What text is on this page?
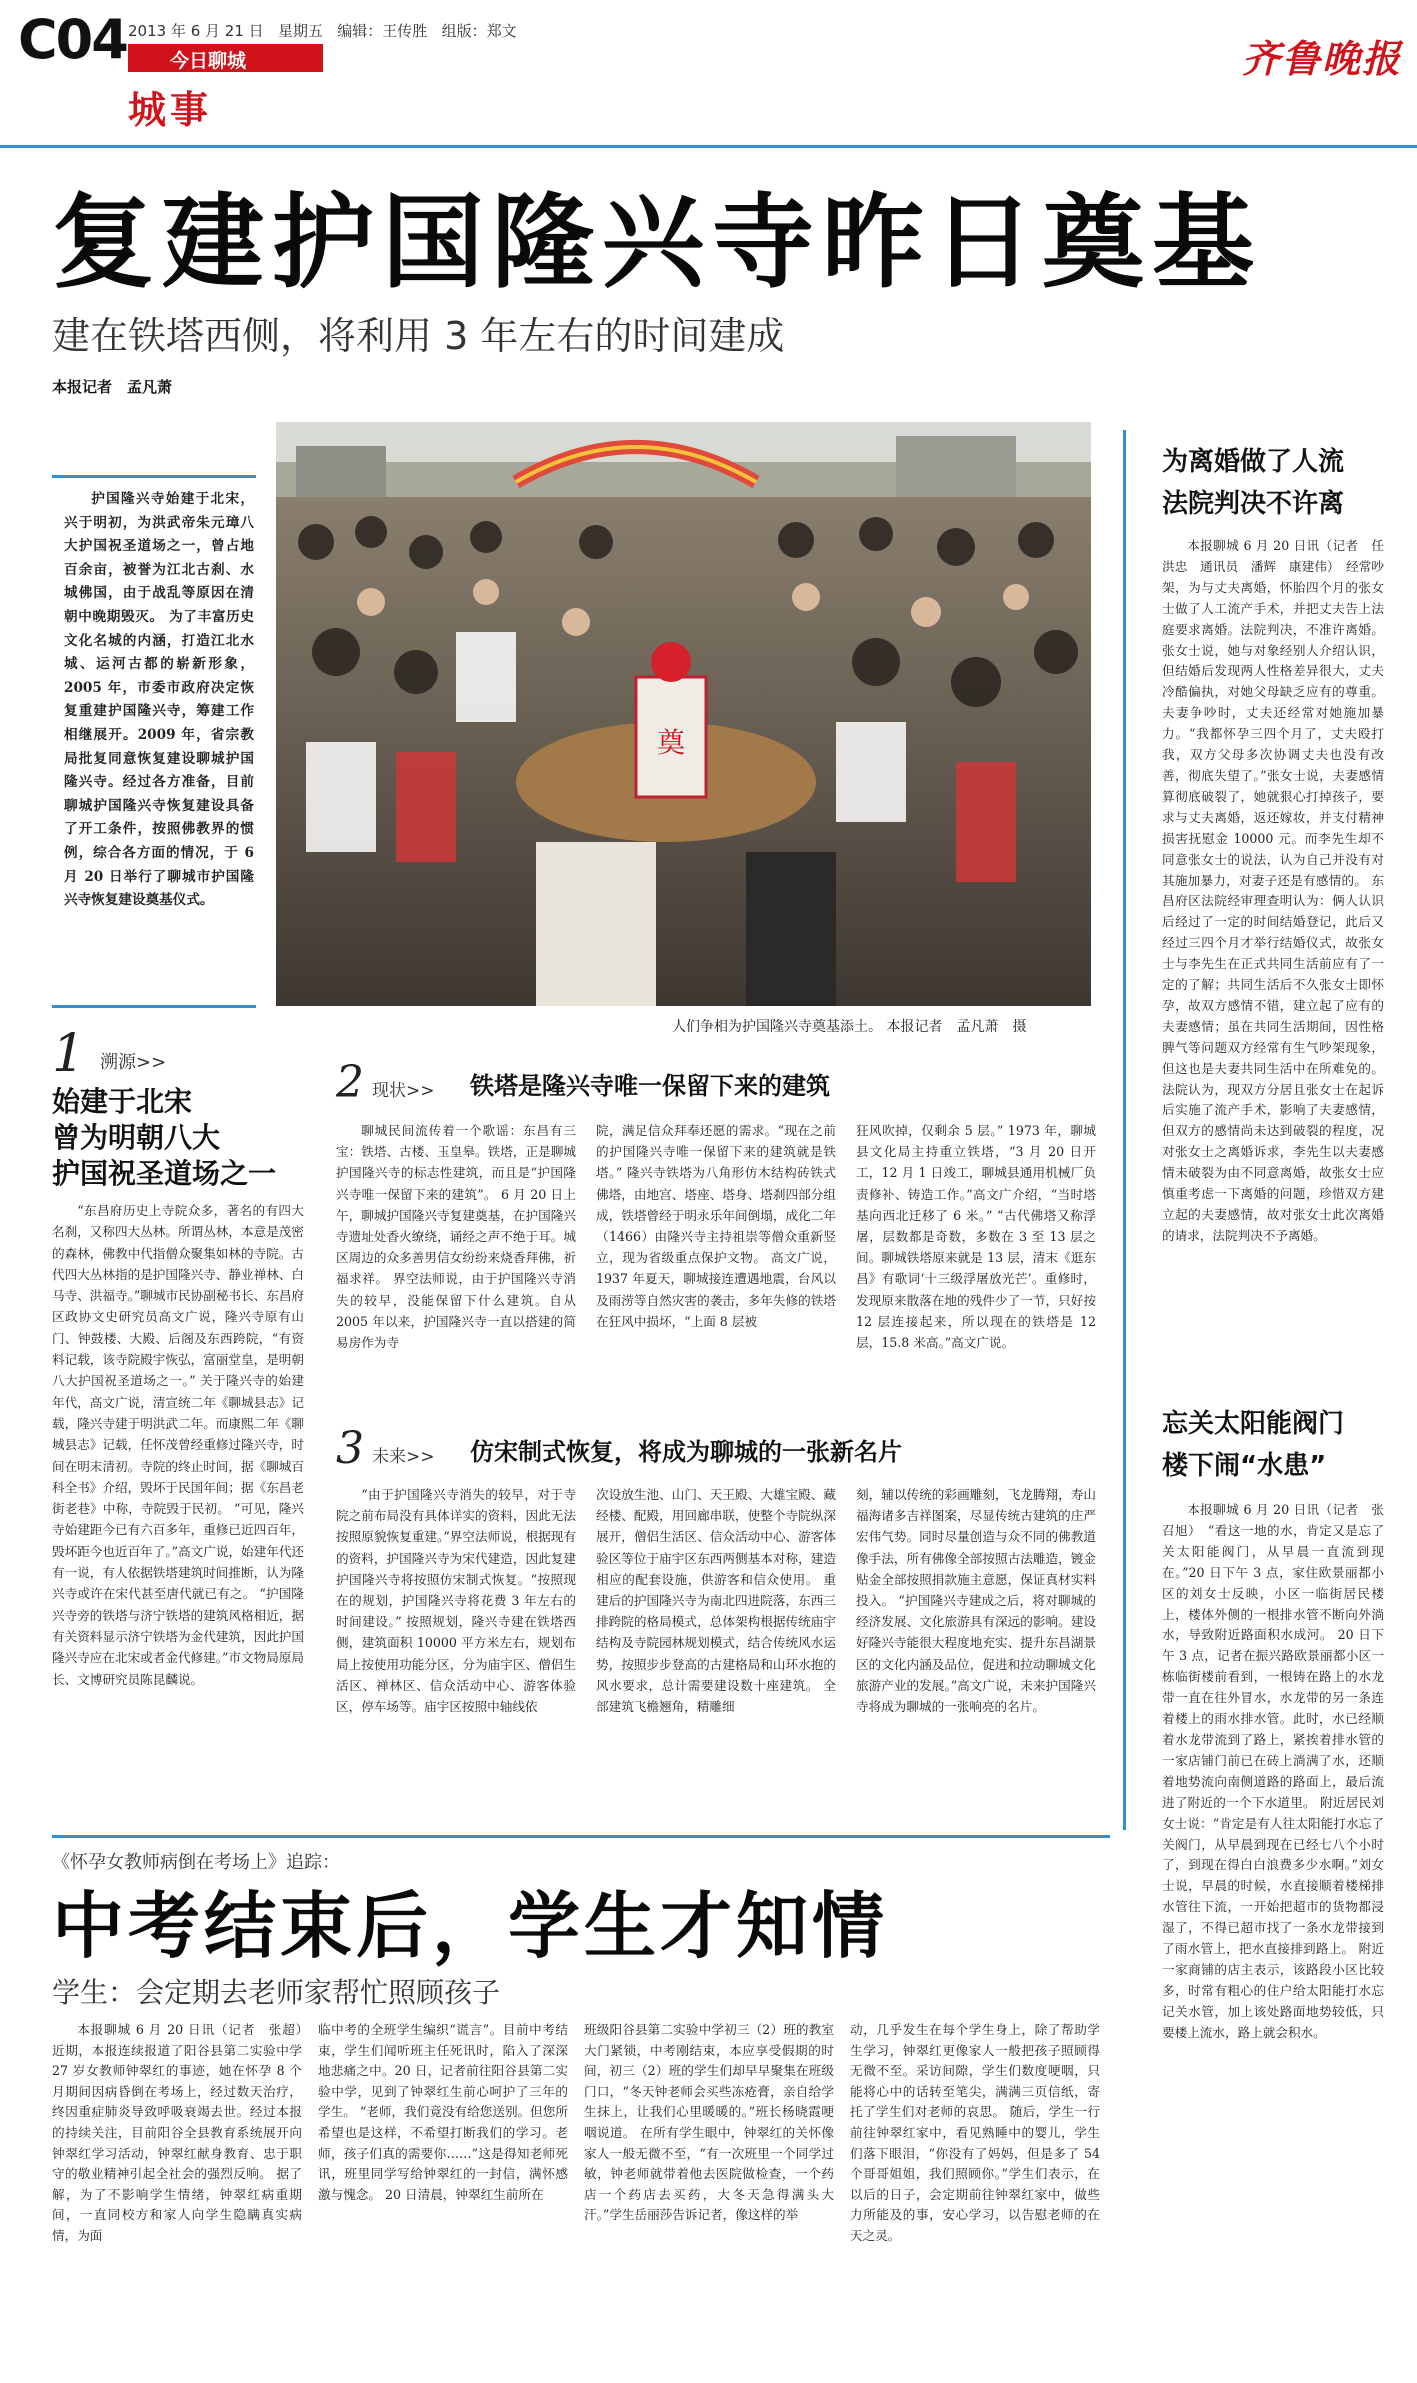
C04 2013 年 6 月 21 日 星期五 编辑：王传胜 组版：郑文
今日聊城
城事
齐鲁晚报
复建护国隆兴寺昨日奠基
建在铁塔西侧，将利用 3 年左右的时间建成
本报记者　孟凡萧
奠
人们争相为护国隆兴寺奠基添土。 本报记者　孟凡萧　摄
护国隆兴寺始建于北宋，兴于明初，为洪武帝朱元璋八大护国祝圣道场之一，曾占地百余亩，被誉为江北古刹、水城佛国，由于战乱等原因在清朝中晚期毁灭。 为了丰富历史文化名城的内涵，打造江北水城、运河古都的崭新形象，2005 年，市委市政府决定恢复重建护国隆兴寺，筹建工作相继展开。2009 年，省宗教局批复同意恢复建设聊城护国隆兴寺。经过各方准备，目前聊城护国隆兴寺恢复建设具备了开工条件，按照佛教界的惯例，综合各方面的情况，于 6 月 20 日举行了聊城市护国隆兴寺恢复建设奠基仪式。
1 溯源>>
始建于北宋
曾为明朝八大
护国祝圣道场之一
“东昌府历史上寺院众多，著名的有四大名刹，又称四大丛林。所谓丛林，本意是茂密的森林，佛教中代指僧众聚集如林的寺院。古代四大丛林指的是护国隆兴寺、静业禅林、白马寺、洪福寺。”聊城市民协副秘书长、东昌府区政协文史研究员高文广说，隆兴寺原有山门、钟鼓楼、大殿、后阁及东西跨院，“有资料记载，该寺院殿宇恢弘，富丽堂皇，是明朝八大护国祝圣道场之一。” 关于隆兴寺的始建年代，高文广说，清宣统二年《聊城县志》记载，隆兴寺建于明洪武二年。而康熙二年《聊城县志》记载，任怀茂曾经重修过隆兴寺，时间在明末清初。寺院的终止时间，据《聊城百科全书》介绍，毁坏于民国年间；据《东昌老街老巷》中称，寺院毁于民初。 “可见，隆兴寺始建距今已有六百多年，重修已近四百年，毁坏距今也近百年了。”高文广说，始建年代还有一说，有人依据铁塔建筑时间推断，认为隆兴寺或许在宋代甚至唐代就已有之。 “护国隆兴寺旁的铁塔与济宁铁塔的建筑风格相近，据有关资料显示济宁铁塔为金代建筑，因此护国隆兴寺应在北宋或者金代修建。”市文物局原局长、文博研究员陈昆麟说。
2 现状>> 铁塔是隆兴寺唯一保留下来的建筑
聊城民间流传着一个歌谣：东昌有三宝：铁塔、古楼、玉皇皋。铁塔，正是聊城护国隆兴寺的标志性建筑，而且是“护国隆兴寺唯一保留下来的建筑”。 6 月 20 日上午，聊城护国隆兴寺复建奠基，在护国隆兴寺遗址处香火缭绕，诵经之声不绝于耳。城区周边的众多善男信女纷纷来烧香拜佛，祈福求祥。 界空法师说，由于护国隆兴寺消失的较早，没能保留下什么建筑。自从 2005 年以来，护国隆兴寺一直以搭建的简易房作为寺
院，满足信众拜奉还愿的需求。“现在之前的护国隆兴寺唯一保留下来的建筑就是铁塔。” 隆兴寺铁塔为八角形仿木结构砖铁式佛塔，由地宫、塔座、塔身、塔刹四部分组成，铁塔曾经于明永乐年间倒塌，成化二年（1466）由隆兴寺主持祖崇等僧众重新竖立，现为省级重点保护文物。 高文广说，1937 年夏天，聊城接连遭遇地震，台风以及雨涝等自然灾害的袭击，多年失修的铁塔在狂风中损坏，“上面 8 层被
狂风吹掉，仅剩余 5 层。” 1973 年，聊城县文化局主持重立铁塔，“3 月 20 日开工，12 月 1 日竣工，聊城县通用机械厂负责修补、铸造工作。”高文广介绍，“当时塔基向西北迁移了 6 米。” “古代佛塔又称浮屠，层数都是奇数，多数在 3 至 13 层之间。聊城铁塔原来就是 13 层，清末《逛东昌》有歌词‘十三级浮屠放光芒’。重修时，发现原来散落在地的残件少了一节，只好按 12 层连接起来，所以现在的铁塔是 12 层，15.8 米高。”高文广说。
3 未来>> 仿宋制式恢复，将成为聊城的一张新名片
“由于护国隆兴寺消失的较早，对于寺院之前布局没有具体详实的资料，因此无法按照原貌恢复重建。”界空法师说，根据现有的资料，护国隆兴寺为宋代建造，因此复建护国隆兴寺将按照仿宋制式恢复。“按照现在的规划，护国隆兴寺将花费 3 年左右的时间建设。” 按照规划，隆兴寺建在铁塔西侧，建筑面积 10000 平方米左右，规划布局上按使用功能分区，分为庙宇区、僧侣生活区、禅林区、信众活动中心、游客体验区，停车场等。庙宇区按照中轴线依
次设放生池、山门、天王殿、大雄宝殿、藏经楼、配殿，用回廊串联，使整个寺院纵深展开，僧侣生活区、信众活动中心、游客体验区等位于庙宇区东西两侧基本对称，建造相应的配套设施，供游客和信众使用。 重建后的护国隆兴寺为南北四进院落，东西三排跨院的格局模式，总体架构根据传统庙宇结构及寺院园林规划模式，结合传统风水运势，按照步步登高的古建格局和山环水抱的风水要求，总计需要建设数十座建筑。 全部建筑飞檐翘角，精雕细
刻，辅以传统的彩画雕刻，飞龙腾翔，寿山福海诸多吉祥图案，尽显传统古建筑的庄严宏伟气势。同时尽量创造与众不同的佛教道像手法，所有佛像全部按照古法雕造，镀金贴金全部按照捐款施主意愿，保证真材实料投入。 “护国隆兴寺建成之后，将对聊城的经济发展、文化旅游具有深远的影响。建设好隆兴寺能很大程度地充实、提升东昌湖景区的文化内涵及品位，促进和拉动聊城文化旅游产业的发展。”高文广说，未来护国隆兴寺将成为聊城的一张响亮的名片。
为离婚做了人流
法院判决不许离
本报聊城 6 月 20 日讯（记者　任洪忠　通讯员　潘辉　康建伟）　经常吵架，为与丈夫离婚，怀胎四个月的张女士做了人工流产手术，并把丈夫告上法庭要求离婚。法院判决，不准许离婚。 张女士说，她与对象经别人介绍认识，但结婚后发现两人性格差异很大，丈夫冷酷偏执，对她父母缺乏应有的尊重。夫妻争吵时，丈夫还经常对她施加暴力。“我都怀孕三四个月了，丈夫殴打我，双方父母多次协调丈夫也没有改善，彻底失望了。”张女士说，夫妻感情算彻底破裂了，她就狠心打掉孩子，要求与丈夫离婚，返还嫁妆，并支付精神损害抚慰金 10000 元。而李先生却不同意张女士的说法，认为自己并没有对其施加暴力，对妻子还是有感情的。 东昌府区法院经审理查明认为：俩人认识后经过了一定的时间结婚登记，此后又经过三四个月才举行结婚仪式，故张女士与李先生在正式共同生活前应有了一定的了解；共同生活后不久张女士即怀孕，故双方感情不错，建立起了应有的夫妻感情；虽在共同生活期间，因性格脾气等问题双方经常有生气吵架现象，但这也是夫妻共同生活中在所难免的。 法院认为，现双方分居且张女士在起诉后实施了流产手术，影响了夫妻感情，但双方的感情尚未达到破裂的程度，况对张女士之离婚诉求，李先生以夫妻感情未破裂为由不同意离婚，故张女士应慎重考虑一下离婚的问题，珍惜双方建立起的夫妻感情，故对张女士此次离婚的请求，法院判决不予离婚。
忘关太阳能阀门
楼下闹“水患”
本报聊城 6 月 20 日讯（记者　张召旭）　“看这一地的水，肯定又是忘了关太阳能阀门，从早晨一直流到现在。”20 日下午 3 点，家住欧景丽都小区的刘女士反映，小区一临街居民楼上，楼体外侧的一根排水管不断向外淌水，导致附近路面积水成河。 20 日下午 3 点，记者在振兴路欧景丽都小区一栋临街楼前看到，一根铸在路上的水龙带一直在往外冒水，水龙带的另一条连着楼上的雨水排水管。此时，水已经顺着水龙带流到了路上，紧挨着排水管的一家店铺门前已在砖上淌满了水，还顺着地势流向南侧道路的路面上，最后流进了附近的一个下水道里。 附近居民刘女士说：“肯定是有人往太阳能打水忘了关阀门，从早晨到现在已经七八个小时了，到现在得白白浪费多少水啊。”刘女士说，早晨的时候，水直接顺着楼梯排水管往下流，一开始把超市的货物都浸湿了，不得已超市找了一条水龙带接到了雨水管上，把水直接排到路上。 附近一家商铺的店主表示，该路段小区比较多，时常有粗心的住户给太阳能打水忘记关水管，加上该处路面地势较低，只要楼上流水，路上就会积水。
《怀孕女教师病倒在考场上》追踪：
中考结束后，学生才知情
学生：会定期去老师家帮忙照顾孩子
本报聊城 6 月 20 日讯（记者　张超）　近期，本报连续报道了阳谷县第二实验中学 27 岁女教师钟翠红的事迹，她在怀孕 8 个月期间因病昏倒在考场上，经过数天治疗，终因重症肺炎导致呼吸衰竭去世。经过本报的持续关注，目前阳谷全县教育系统展开向钟翠红学习活动，钟翠红献身教育、忠于职守的敬业精神引起全社会的强烈反响。 据了解，为了不影响学生情绪，钟翠红病重期间，一直同校方和家人向学生隐瞒真实病情，为面
临中考的全班学生编织“谎言”。目前中考结束，学生们闻听班主任死讯时，陷入了深深地悲痛之中。20 日，记者前往阳谷县第二实验中学，见到了钟翠红生前心呵护了三年的学生。 “老师，我们竟没有给您送别。但您所希望也是这样，不希望打断我们的学习。老师，孩子们真的需要你……”这是得知老师死讯，班里同学写给钟翠红的一封信，满怀感激与愧念。 20 日清晨，钟翠红生前所在
班级阳谷县第二实验中学初三（2）班的教室大门紧锁，中考刚结束，本应享受假期的时间，初三（2）班的学生们却早早聚集在班级门口，“冬天钟老师会买些冻疮膏，亲自给学生抹上，让我们心里暖暖的。”班长杨晓霞哽咽说道。 在所有学生眼中，钟翠红的关怀像家人一般无微不至，“有一次班里一个同学过敏，钟老师就带着他去医院做检查，一个药店一个药店去买药，大冬天急得满头大汗。”学生岳丽莎告诉记者，像这样的举
动，几乎发生在每个学生身上，除了帮助学生学习，钟翠红更像家人一般把孩子照顾得无微不至。采访间隙，学生们数度哽咽，只能将心中的话转至笔尖，满满三页信纸，寄托了学生们对老师的哀思。 随后，学生一行前往钟翠红家中，看见熟睡中的婴儿，学生们落下眼泪，“你没有了妈妈，但是多了 54 个哥哥姐姐，我们照顾你。”学生们表示，在以后的日子，会定期前往钟翠红家中，做些力所能及的事，安心学习，以告慰老师的在天之灵。
